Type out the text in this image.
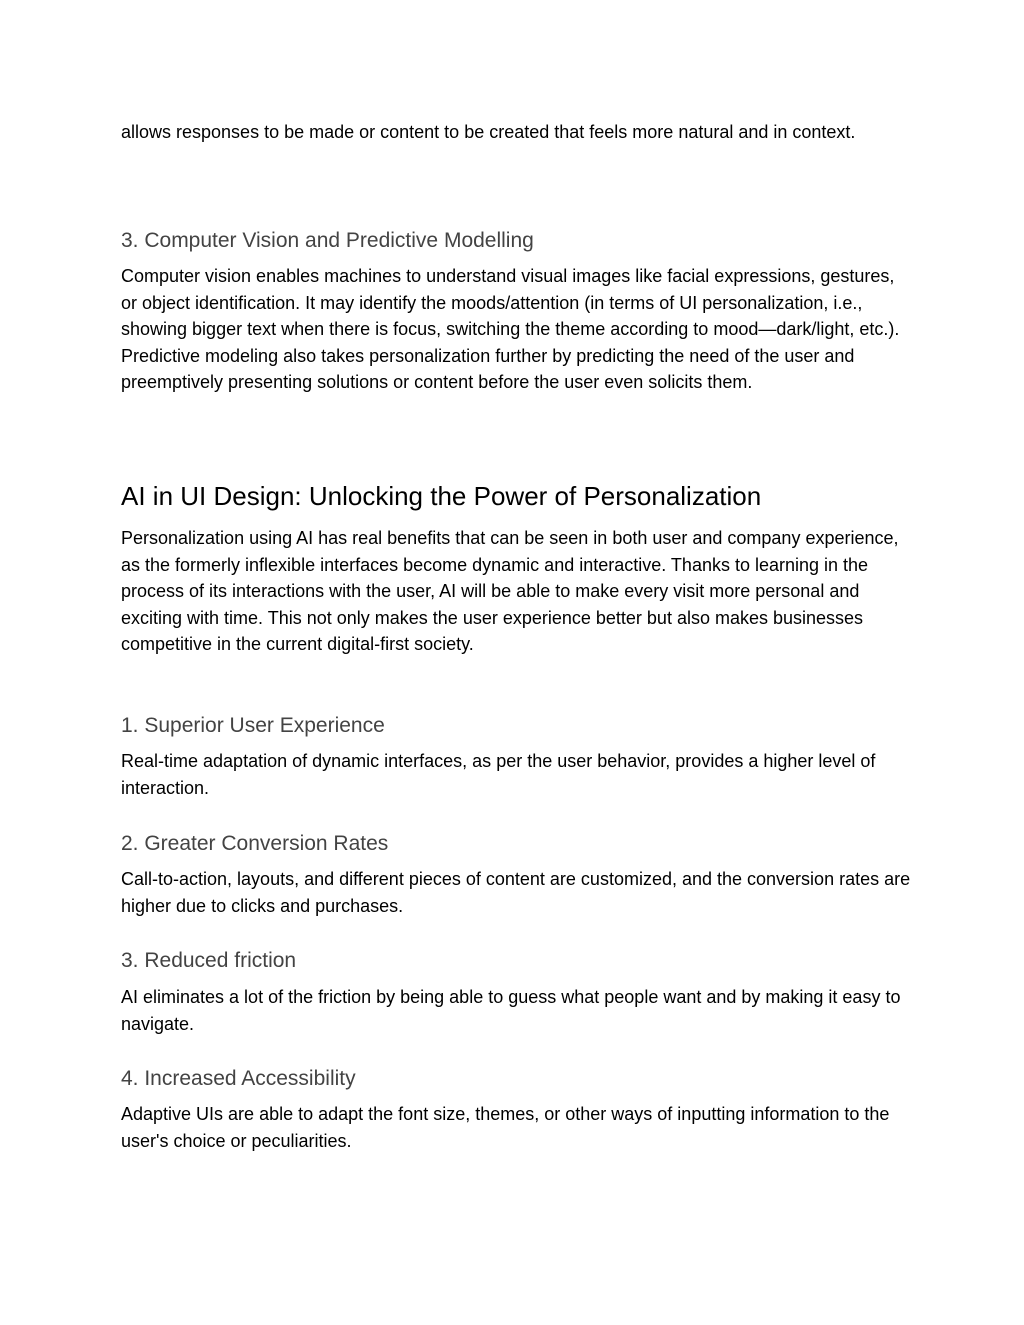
allows responses to be made or content to be created that feels more natural and in context.

3. Computer Vision and Predictive Modelling

Computer vision enables machines to understand visual images like facial expressions, gestures, or object identification. It may identify the moods/attention (in terms of UI personalization, i.e., showing bigger text when there is focus, switching the theme according to mood—dark/light, etc.). Predictive modeling also takes personalization further by predicting the need of the user and preemptively presenting solutions or content before the user even solicits them.

AI in UI Design: Unlocking the Power of Personalization

Personalization using AI has real benefits that can be seen in both user and company experience, as the formerly inflexible interfaces become dynamic and interactive. Thanks to learning in the process of its interactions with the user, AI will be able to make every visit more personal and exciting with time. This not only makes the user experience better but also makes businesses competitive in the current digital-first society.

1. Superior User Experience

Real-time adaptation of dynamic interfaces, as per the user behavior, provides a higher level of interaction.

2. Greater Conversion Rates

Call-to-action, layouts, and different pieces of content are customized, and the conversion rates are higher due to clicks and purchases.

3. Reduced friction

AI eliminates a lot of the friction by being able to guess what people want and by making it easy to navigate.

4. Increased Accessibility

Adaptive UIs are able to adapt the font size, themes, or other ways of inputting information to the user's choice or peculiarities.
